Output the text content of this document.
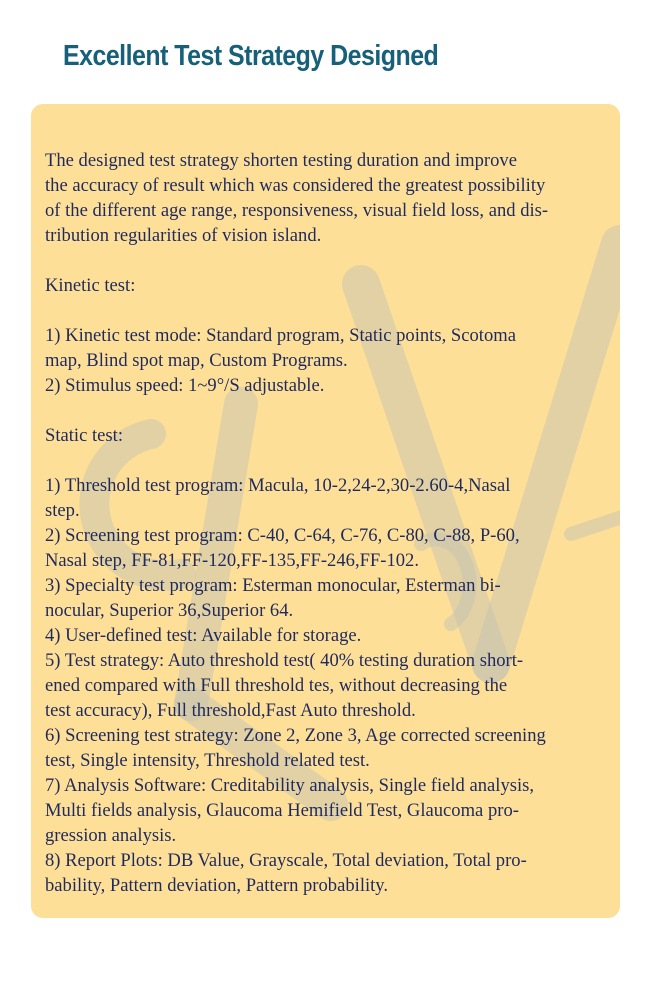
Excellent Test Strategy Designed

The designed test strategy shorten testing duration and improve
the accuracy of result which was considered the greatest possibility
of the different age range, responsiveness, visual field loss, and dis-
tribution regularities of vision island.

Kinetic test:

1) Kinetic test mode: Standard program, Static points, Scotoma
map, Blind spot map, Custom Programs.

2) Stimulus speed: 1~9°/S adjustable.

Static test:

1) Threshold test program: Macula, 10-2,24-2,30-2.60-4,Nasal
step.

2) Screening test program: C-40, C-64, C-76, C-80, C-88, P-60,
Nasal step, FF-81,FF-120,FF-135,FF-246,FF-102.

3) Specialty test program: Esterman monocular, Esterman bi-
nocular, Superior 36,Superior 64.

4) User-defined test: Available for storage.

5) Test strategy: Auto threshold test( 40% testing duration short-
ened compared with Full threshold tes, without decreasing the
test accuracy), Full threshold,Fast Auto threshold.

6) Screening test strategy: Zone 2, Zone 3, Age corrected screening
test, Single intensity, Threshold related test.

7) Analysis Software: Creditability analysis, Single field analysis,
Multi fields analysis, Glaucoma Hemifield Test, Glaucoma pro-
gression analysis.

8) Report Plots: DB Value, Grayscale, Total deviation, Total pro-
bability, Pattern deviation, Pattern probability.
